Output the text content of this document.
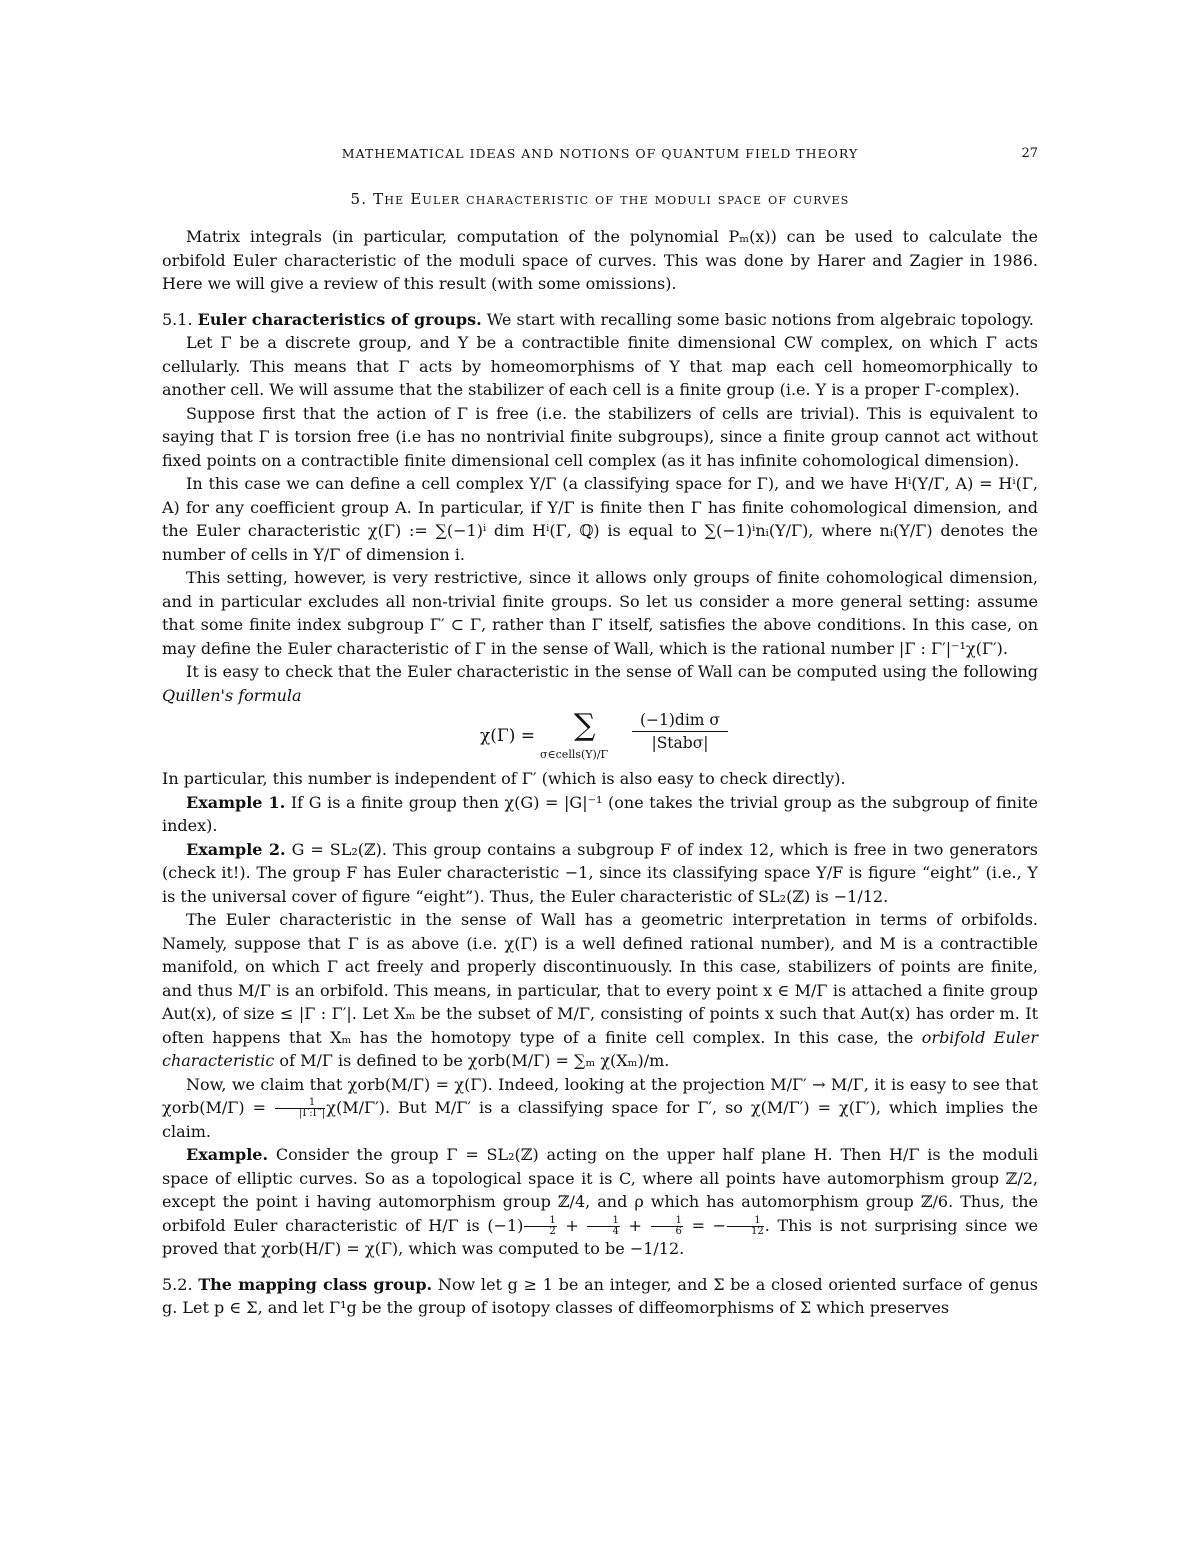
MATHEMATICAL IDEAS AND NOTIONS OF QUANTUM FIELD THEORY	27
5. The Euler characteristic of the moduli space of curves

Matrix integrals (in particular, computation of the polynomial Pₘ(x)) can be used to calculate the orbifold Euler characteristic of the moduli space of curves. This was done by Harer and Zagier in 1986. Here we will give a review of this result (with some omissions).

5.1. Euler characteristics of groups. We start with recalling some basic notions from algebraic topology.

Let Γ be a discrete group, and Y be a contractible finite dimensional CW complex, on which Γ acts cellularly. This means that Γ acts by homeomorphisms of Y that map each cell homeomorphically to another cell. We will assume that the stabilizer of each cell is a finite group (i.e. Y is a proper Γ-complex).

Suppose first that the action of Γ is free (i.e. the stabilizers of cells are trivial). This is equivalent to saying that Γ is torsion free (i.e has no nontrivial finite subgroups), since a finite group cannot act without fixed points on a contractible finite dimensional cell complex (as it has infinite cohomological dimension).

In this case we can define a cell complex Y/Γ (a classifying space for Γ), and we have Hⁱ(Y/Γ, A) = Hⁱ(Γ, A) for any coefficient group A. In particular, if Y/Γ is finite then Γ has finite cohomological dimension, and the Euler characteristic χ(Γ) := ∑(−1)ⁱ dim Hⁱ(Γ, ℚ) is equal to ∑(−1)ⁱnᵢ(Y/Γ), where nᵢ(Y/Γ) denotes the number of cells in Y/Γ of dimension i.

This setting, however, is very restrictive, since it allows only groups of finite cohomological dimension, and in particular excludes all non-trivial finite groups. So let us consider a more general setting: assume that some finite index subgroup Γ′ ⊂ Γ, rather than Γ itself, satisfies the above conditions. In this case, on may define the Euler characteristic of Γ in the sense of Wall, which is the rational number |Γ : Γ′|⁻¹χ(Γ′).

It is easy to check that the Euler characteristic in the sense of Wall can be computed using the following Quillen's formula

χ(Γ) = ∑
σ∈cells(Y)/Γ
(−1)dim σ
|Stabσ|

In particular, this number is independent of Γ′ (which is also easy to check directly).

Example 1. If G is a finite group then χ(G) = |G|⁻¹ (one takes the trivial group as the subgroup of finite index).

Example 2. G = SL₂(ℤ). This group contains a subgroup F of index 12, which is free in two generators (check it!). The group F has Euler characteristic −1, since its classifying space Y/F is figure “eight” (i.e., Y is the universal cover of figure “eight”). Thus, the Euler characteristic of SL₂(ℤ) is −1/12.

The Euler characteristic in the sense of Wall has a geometric interpretation in terms of orbifolds. Namely, suppose that Γ is as above (i.e. χ(Γ) is a well defined rational number), and M is a contractible manifold, on which Γ act freely and properly discontinuously. In this case, stabilizers of points are finite, and thus M/Γ is an orbifold. This means, in particular, that to every point x ∈ M/Γ is attached a finite group Aut(x), of size ≤ |Γ : Γ′|. Let Xₘ be the subset of M/Γ, consisting of points x such that Aut(x) has order m. It often happens that Xₘ has the homotopy type of a finite cell complex. In this case, the orbifold Euler characteristic of M/Γ is defined to be χorb(M/Γ) = ∑ₘ χ(Xₘ)/m.

Now, we claim that χorb(M/Γ) = χ(Γ). Indeed, looking at the projection M/Γ′ → M/Γ, it is easy to see that $\chi orb(M/\Gamma) = \frac{1}{|\Gamma:\Gamma'|} \chi(M/\Gamma')$. But M/Γ′ is a classifying space for Γ′, so χ(M/Γ′) = χ(Γ′), which implies the claim.

Example. Consider the group Γ = SL₂(ℤ) acting on the upper half plane H. Then H/Γ is the moduli space of elliptic curves. So as a topological space it is C, where all points have automorphism group ℤ/2, except the point i having automorphism group ℤ/4, and ρ which has automorphism group ℤ/6. Thus, the orbifold Euler characteristic of H/Γ is $(-1) \frac{1}{2} + \frac{1}{4} + \frac{1}{6}$ = − $\frac{1}{12}$ . This is not surprising since we proved that χorb(H/Γ) = χ(Γ), which was computed to be −1/12.

5.2. The mapping class group. Now let g ≥ 1 be an integer, and Σ be a closed oriented surface of genus g. Let p ∈ Σ, and let Γ¹g be the group of isotopy classes of diffeomorphisms of Σ which preserves
